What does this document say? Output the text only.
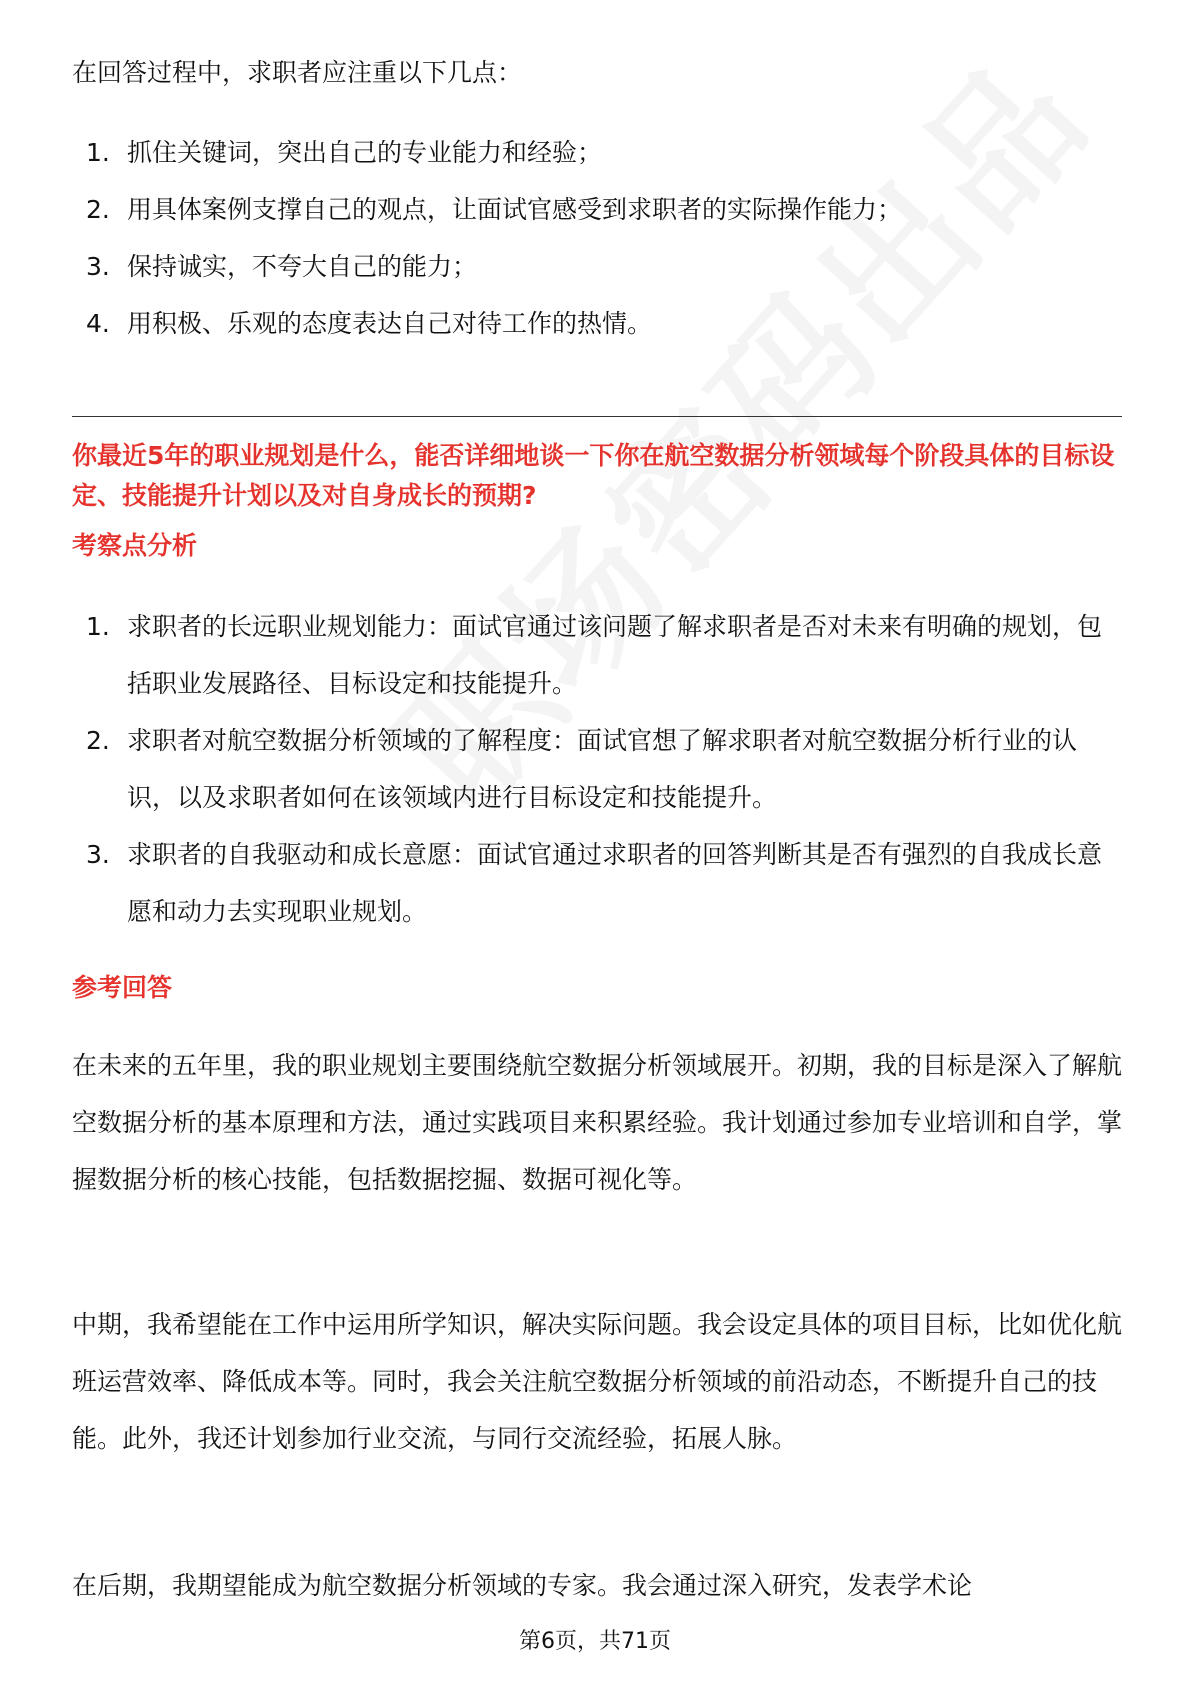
在回答过程中，求职者应注重以下几点：

1. 抓住关键词，突出自己的专业能力和经验；
2. 用具体案例支撑自己的观点，让面试官感受到求职者的实际操作能力；
3. 保持诚实，不夸大自己的能力；
4. 用积极、乐观的态度表达自己对待工作的热情。

你最近5年的职业规划是什么，能否详细地谈一下你在航空数据分析领域每个阶段具体的目标设定、技能提升计划以及对自身成长的预期?

考察点分析

1. 求职者的长远职业规划能力：面试官通过该问题了解求职者是否对未来有明确的规划，包括职业发展路径、目标设定和技能提升。
2. 求职者对航空数据分析领域的了解程度：面试官想了解求职者对航空数据分析行业的认识，以及求职者如何在该领域内进行目标设定和技能提升。
3. 求职者的自我驱动和成长意愿：面试官通过求职者的回答判断其是否有强烈的自我成长意愿和动力去实现职业规划。

参考回答

在未来的五年里，我的职业规划主要围绕航空数据分析领域展开。初期，我的目标是深入了解航空数据分析的基本原理和方法，通过实践项目来积累经验。我计划通过参加专业培训和自学，掌握数据分析的核心技能，包括数据挖掘、数据可视化等。

中期，我希望能在工作中运用所学知识，解决实际问题。我会设定具体的项目目标，比如优化航班运营效率、降低成本等。同时，我会关注航空数据分析领域的前沿动态，不断提升自己的技能。此外，我还计划参加行业交流，与同行交流经验，拓展人脉。

在后期，我期望能成为航空数据分析领域的专家。我会通过深入研究，发表学术论

第6页，共71页
